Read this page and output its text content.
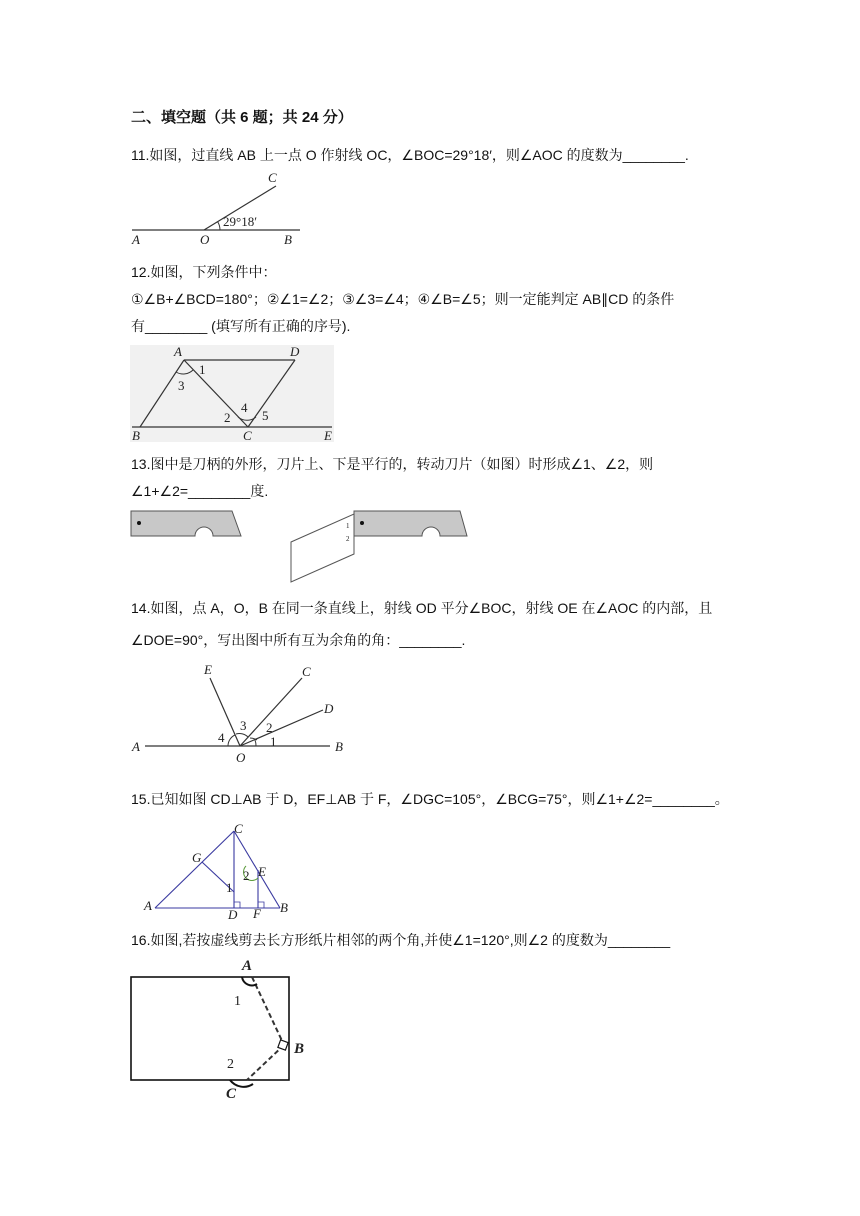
二、填空题（共 6 题；共 24 分）
11.如图，过直线 AB 上一点 O 作射线 OC，∠BOC=29°18′，则∠AOC 的度数为________.
A	O	B
C
29°18′
12.如图，下列条件中：
①∠B+∠BCD=180°；②∠1=∠2；③∠3=∠4；④∠B=∠5；则一定能判定 AB∥CD 的条件
有________ (填写所有正确的序号).
A	D
B	C	E
1
3
2
4
5
13.图中是刀柄的外形，刀片上、下是平行的，转动刀片（如图）时形成∠1、∠2，则
∠1+∠2=________度.
1
2
14.如图，点 A，O，B 在同一条直线上，射线 OD 平分∠BOC，射线 OE 在∠AOC 的内部，且
∠DOE=90°，写出图中所有互为余角的角：________.
A
O
B
C
D
E
1
2
3
4
15.已知如图 CD⊥AB 于 D，EF⊥AB 于 F，∠DGC=105°，∠BCG=75°，则∠1+∠2=________。
A	B
C
D
E
F
G
1
2
16.如图,若按虚线剪去长方形纸片相邻的两个角,并使∠1=120°,则∠2 的度数为________
A
B
C
1
2
